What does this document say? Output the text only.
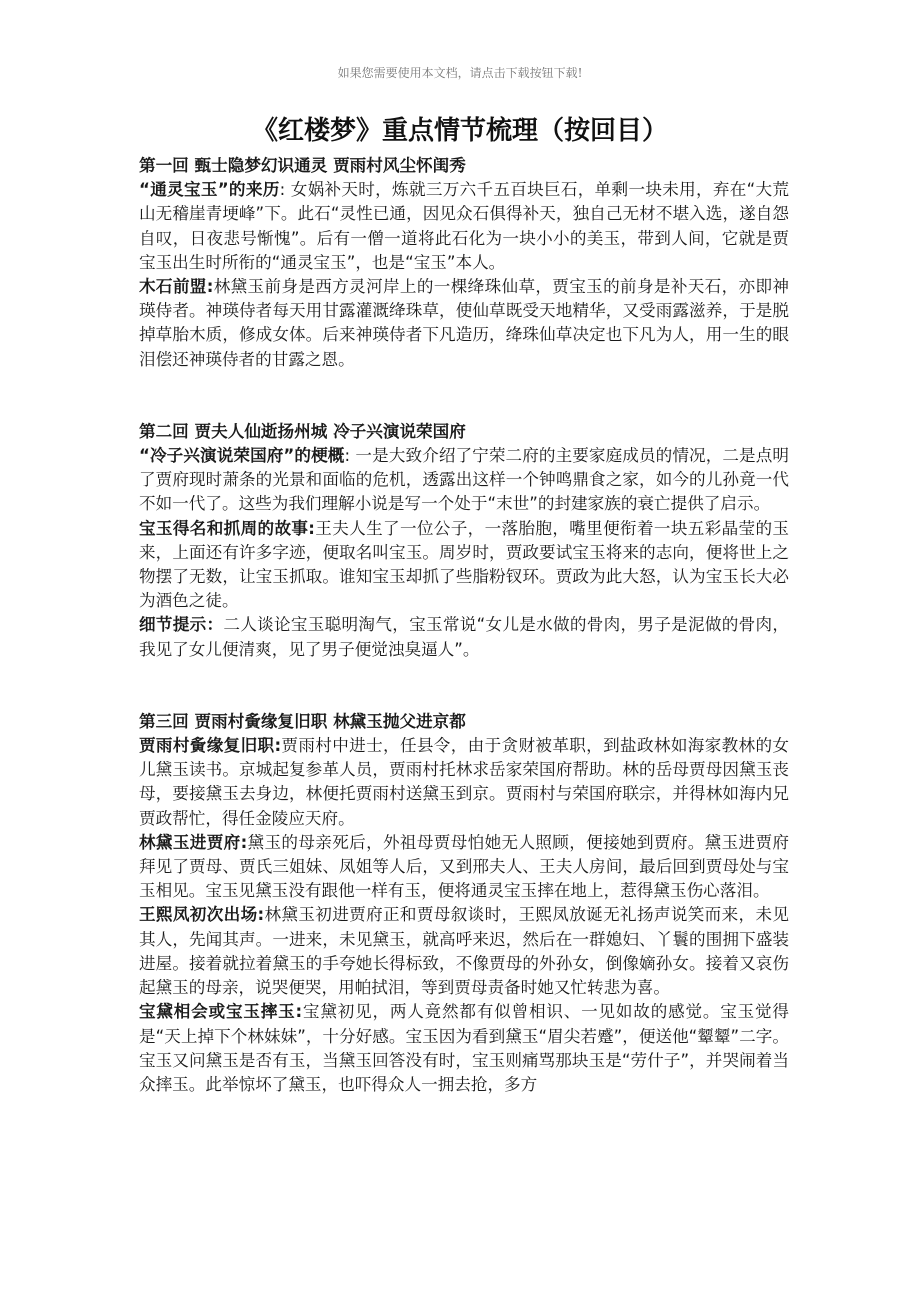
如果您需要使用本文档，请点击下载按钮下载!
《红楼梦》重点情节梳理（按回目）

第一回 甄士隐梦幻识通灵 贾雨村风尘怀闺秀

“通灵宝玉”的来历: 女娲补天时，炼就三万六千五百块巨石，单剩一块未用，弃在“大荒山无稽崖青埂峰”下。此石“灵性已通，因见众石俱得补天，独自己无材不堪入选，遂自怨自叹，日夜悲号惭愧”。后有一僧一道将此石化为一块小小的美玉，带到人间，它就是贾宝玉出生时所衔的“通灵宝玉”，也是“宝玉”本人。

木石前盟:林黛玉前身是西方灵河岸上的一棵绛珠仙草，贾宝玉的前身是补天石，亦即神瑛侍者。神瑛侍者每天用甘露灌溉绛珠草，使仙草既受天地精华，又受雨露滋养，于是脱掉草胎木质，修成女体。后来神瑛侍者下凡造历，绛珠仙草决定也下凡为人，用一生的眼泪偿还神瑛侍者的甘露之恩。

第二回 贾夫人仙逝扬州城 冷子兴演说荣国府

“冷子兴演说荣国府”的梗概: 一是大致介绍了宁荣二府的主要家庭成员的情况，二是点明了贾府现时萧条的光景和面临的危机，透露出这样一个钟鸣鼎食之家，如今的儿孙竟一代不如一代了。这些为我们理解小说是写一个处于“末世”的封建家族的衰亡提供了启示。

宝玉得名和抓周的故事:王夫人生了一位公子，一落胎胞，嘴里便衔着一块五彩晶莹的玉来，上面还有许多字迹，便取名叫宝玉。周岁时，贾政要试宝玉将来的志向，便将世上之物摆了无数，让宝玉抓取。谁知宝玉却抓了些脂粉钗环。贾政为此大怒，认为宝玉长大必为酒色之徒。

细节提示：二人谈论宝玉聪明淘气，宝玉常说“女儿是水做的骨肉，男子是泥做的骨肉，我见了女儿便清爽，见了男子便觉浊臭逼人”。

第三回 贾雨村夤缘复旧职 林黛玉抛父进京都

贾雨村夤缘复旧职:贾雨村中进士，任县令，由于贪财被革职，到盐政林如海家教林的女儿黛玉读书。京城起复参革人员，贾雨村托林求岳家荣国府帮助。林的岳母贾母因黛玉丧母，要接黛玉去身边，林便托贾雨村送黛玉到京。贾雨村与荣国府联宗，并得林如海内兄贾政帮忙，得任金陵应天府。

林黛玉进贾府:黛玉的母亲死后，外祖母贾母怕她无人照顾，便接她到贾府。黛玉进贾府拜见了贾母、贾氏三姐妹、凤姐等人后，又到邢夫人、王夫人房间，最后回到贾母处与宝玉相见。宝玉见黛玉没有跟他一样有玉，便将通灵宝玉摔在地上，惹得黛玉伤心落泪。

王熙凤初次出场:林黛玉初进贾府正和贾母叙谈时，王熙凤放诞无礼扬声说笑而来，未见其人，先闻其声。一进来，未见黛玉，就高呼来迟，然后在一群媳妇、丫鬟的围拥下盛装进屋。接着就拉着黛玉的手夸她长得标致，不像贾母的外孙女，倒像嫡孙女。接着又哀伤起黛玉的母亲，说哭便哭，用帕拭泪，等到贾母责备时她又忙转悲为喜。

宝黛相会或宝玉摔玉:宝黛初见，两人竟然都有似曾相识、一见如故的感觉。宝玉觉得是“天上掉下个林妹妹”，十分好感。宝玉因为看到黛玉“眉尖若蹙”，便送他“颦颦”二字。宝玉又问黛玉是否有玉，当黛玉回答没有时，宝玉则痛骂那块玉是“劳什子”，并哭闹着当众摔玉。此举惊坏了黛玉，也吓得众人一拥去抢，多方
